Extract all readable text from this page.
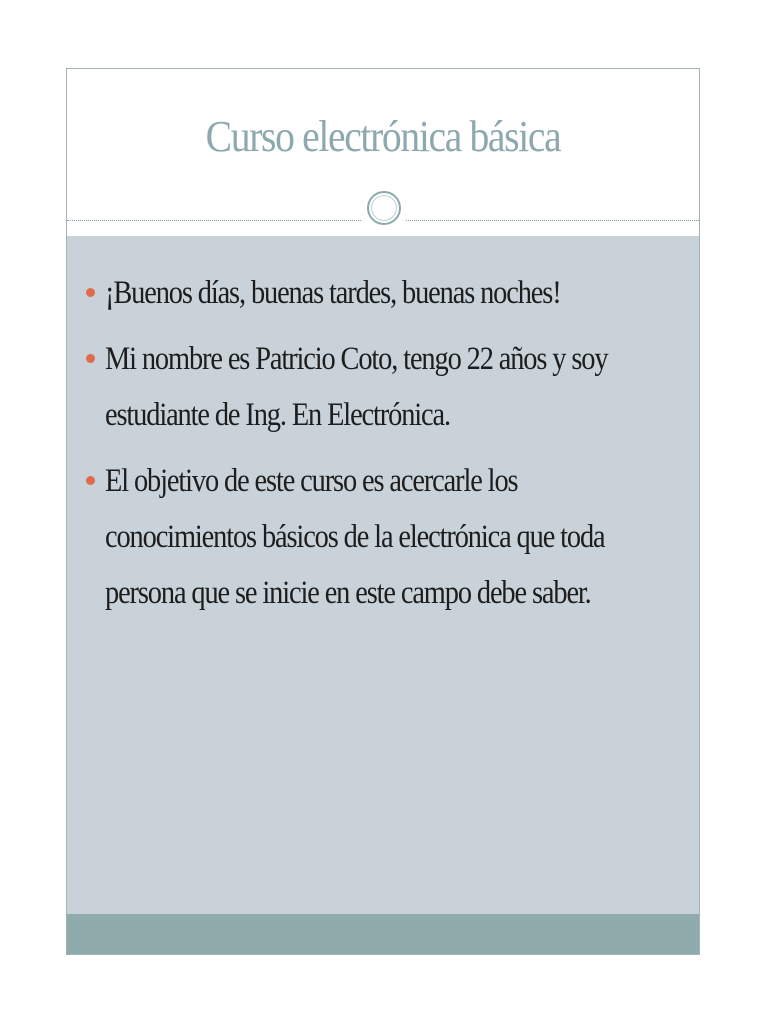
Curso electrónica básica
¡Buenos días, buenas tardes, buenas noches!
Mi nombre es Patricio Coto, tengo 22 años y soy estudiante de Ing. En Electrónica.
El objetivo de este curso es acercarle los conocimientos básicos de la electrónica que toda persona que se inicie en este campo debe saber.
